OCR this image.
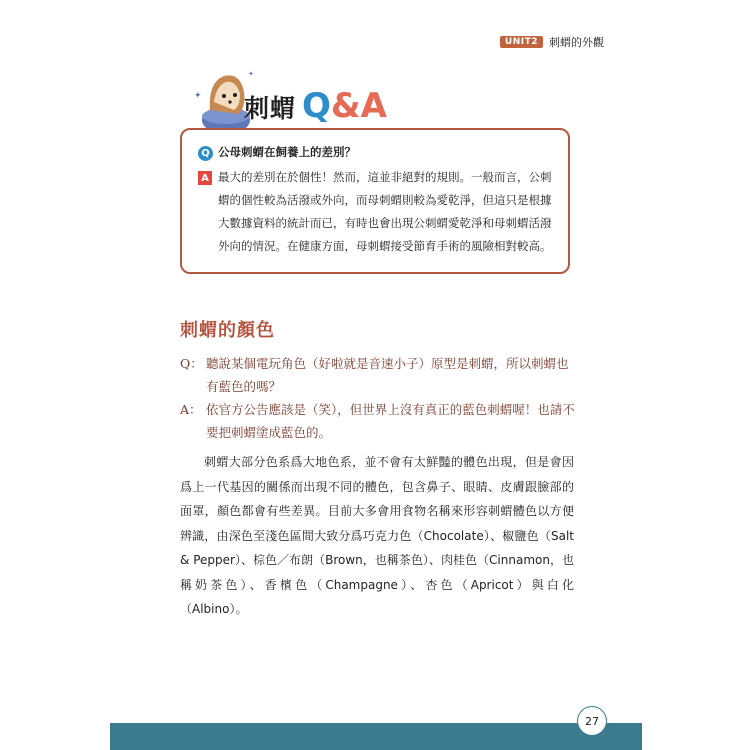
UNIT2	刺蝟的外觀
✦
✦
刺蝟 Q & A
Q 公母刺蝟在飼養上的差別？
A 最大的差別在於個性！然而，這並非絕對的規則。一般而言，公刺蝟的個性較為活潑或外向，而母刺蝟則較為愛乾淨，但這只是根據大數據資料的統計而已，有時也會出現公刺蝟愛乾淨和母刺蝟活潑外向的情況。在健康方面，母刺蝟接受節育手術的風險相對較高。
刺蝟的顏色
Q： 聽說某個電玩角色（好啦就是音速小子）原型是刺蝟，所以刺蝟也有藍色的嗎？
A： 依官方公告應該是（笑），但世界上沒有真正的藍色刺蝟喔！也請不要把刺蝟塗成藍色的。
刺蝟大部分色系爲大地色系，並不會有太鮮豔的體色出現，但是會因爲上一代基因的關係而出現不同的體色，包含鼻子、眼睛、皮膚跟臉部的面罩，顏色都會有些差異。目前大多會用食物名稱來形容刺蝟體色以方便辨識，由深色至淺色區間大致分爲巧克力色（Chocolate）、椒鹽色（Salt & Pepper）、棕色／布朗（Brown，也稱茶色）、肉桂色（Cinnamon，也稱奶茶色）、香檳色（Champagne）、杏色（Apricot）與白化（Albino）。
27
